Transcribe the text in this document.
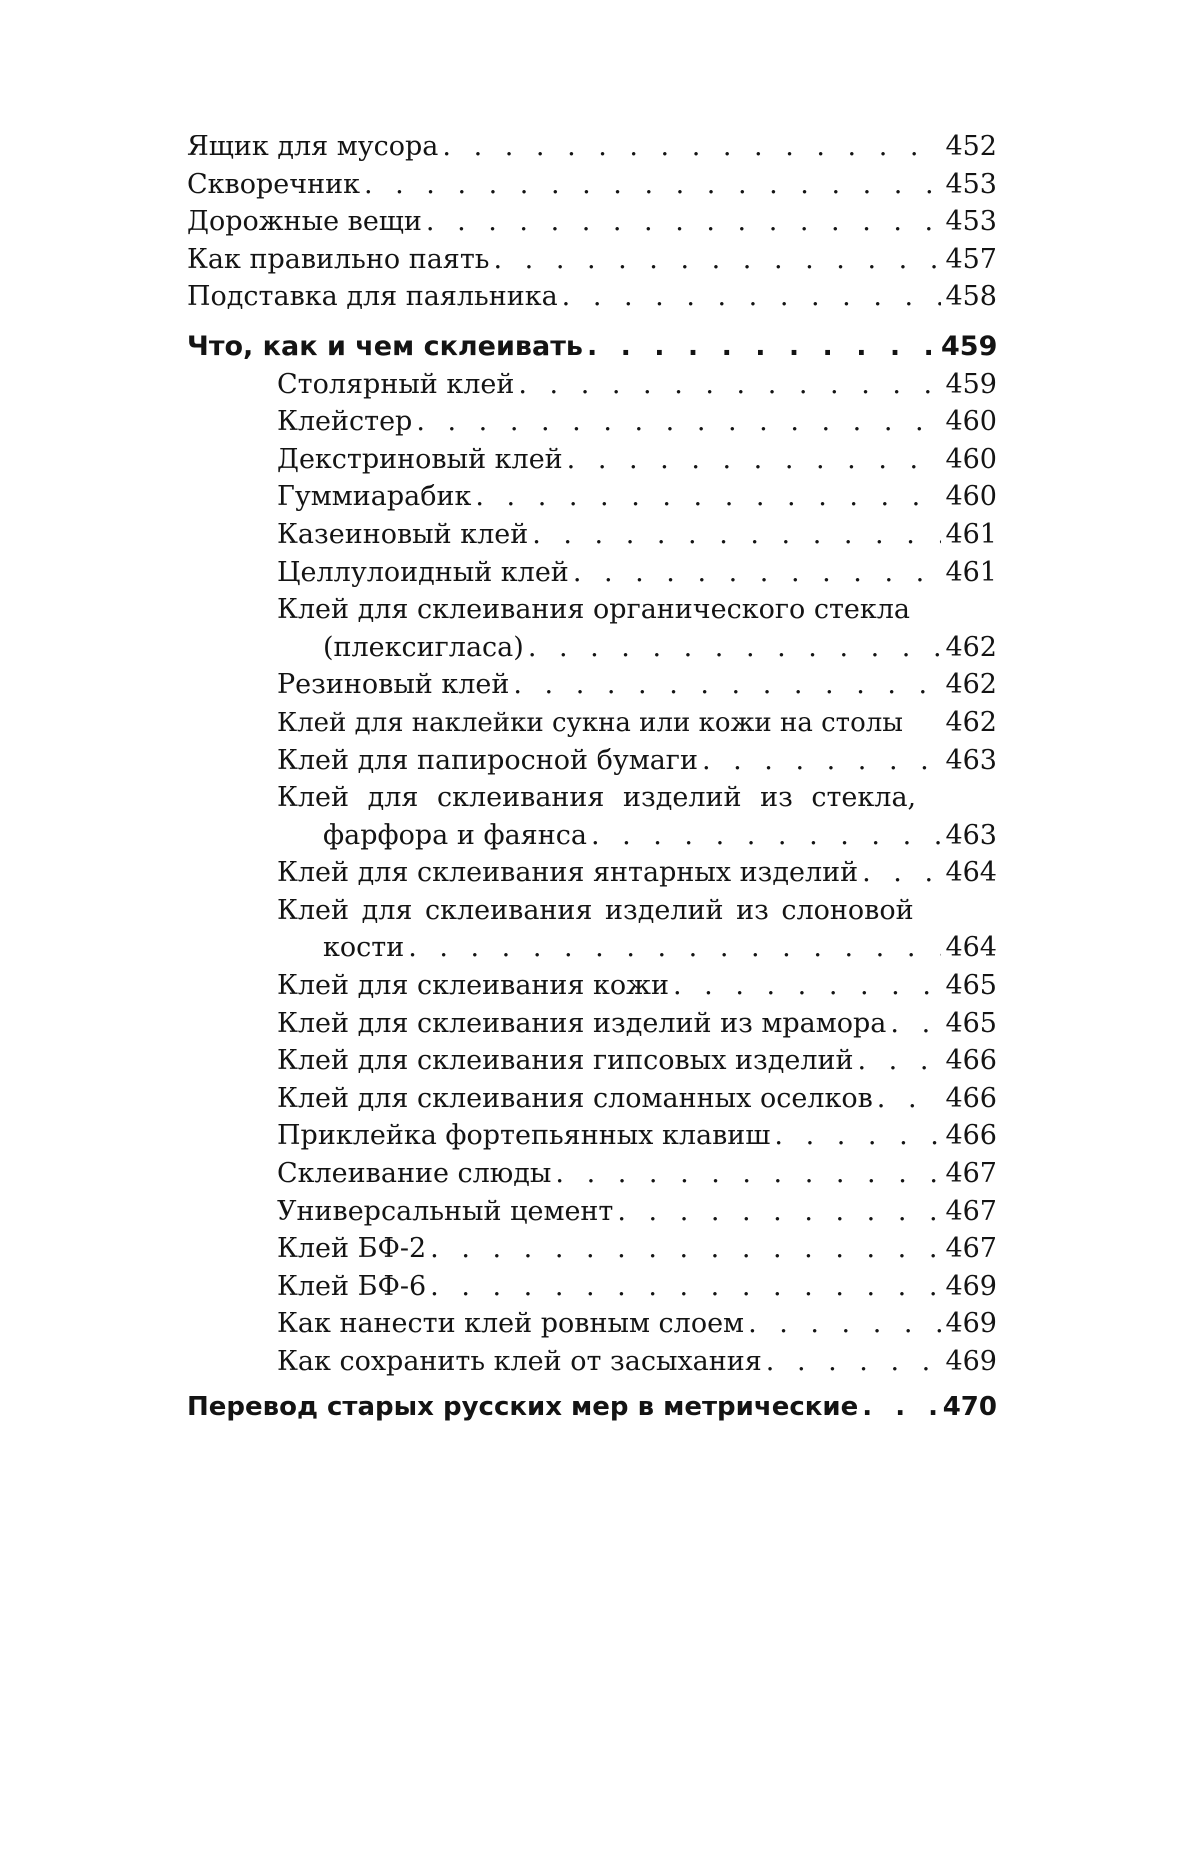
Ящик для мусора . . .	452
Скворечник . . .	453
Дорожные вещи . . .	453
Как правильно паять . . .	457
Подставка для паяльника . . .	458
Что, как и чем склеивать . . .	459
Столярный клей . . .	459
Клейстер . . .	460
Декстриновый клей . . .	460
Гуммиарабик . . .	460
Казеиновый клей . . .	461
Целлулоидный клей . . .	461
Клей для склеивания органического стекла
(плексигласа) . . .	462
Резиновый клей . . .	462
Клей для наклейки сукна или кожи на столы	462
Клей для папиросной бумаги . . .	463
Клей для склеивания изделий из стекла,
фарфора и фаянса . . .	463
Клей для склеивания янтарных изделий . . .	464
Клей для склеивания изделий из слоновой
кости . . .	464
Клей для склеивания кожи . . .	465
Клей для склеивания изделий из мрамора . . . 465
Клей для склеивания гипсовых изделий . . .	466
Клей для склеивания сломанных оселков . . .	466
Приклейка фортепьянных клавиш . . .	466
Склеивание слюды . . .	467
Универсальный цемент . . .	467
Клей БФ-2 . . .	467
Клей БФ-6 . . .	469
Как нанести клей ровным слоем . . .	469
Как сохранить клей от засыхания . . .	469
Перевод старых русских мер в метрические . . .	470
